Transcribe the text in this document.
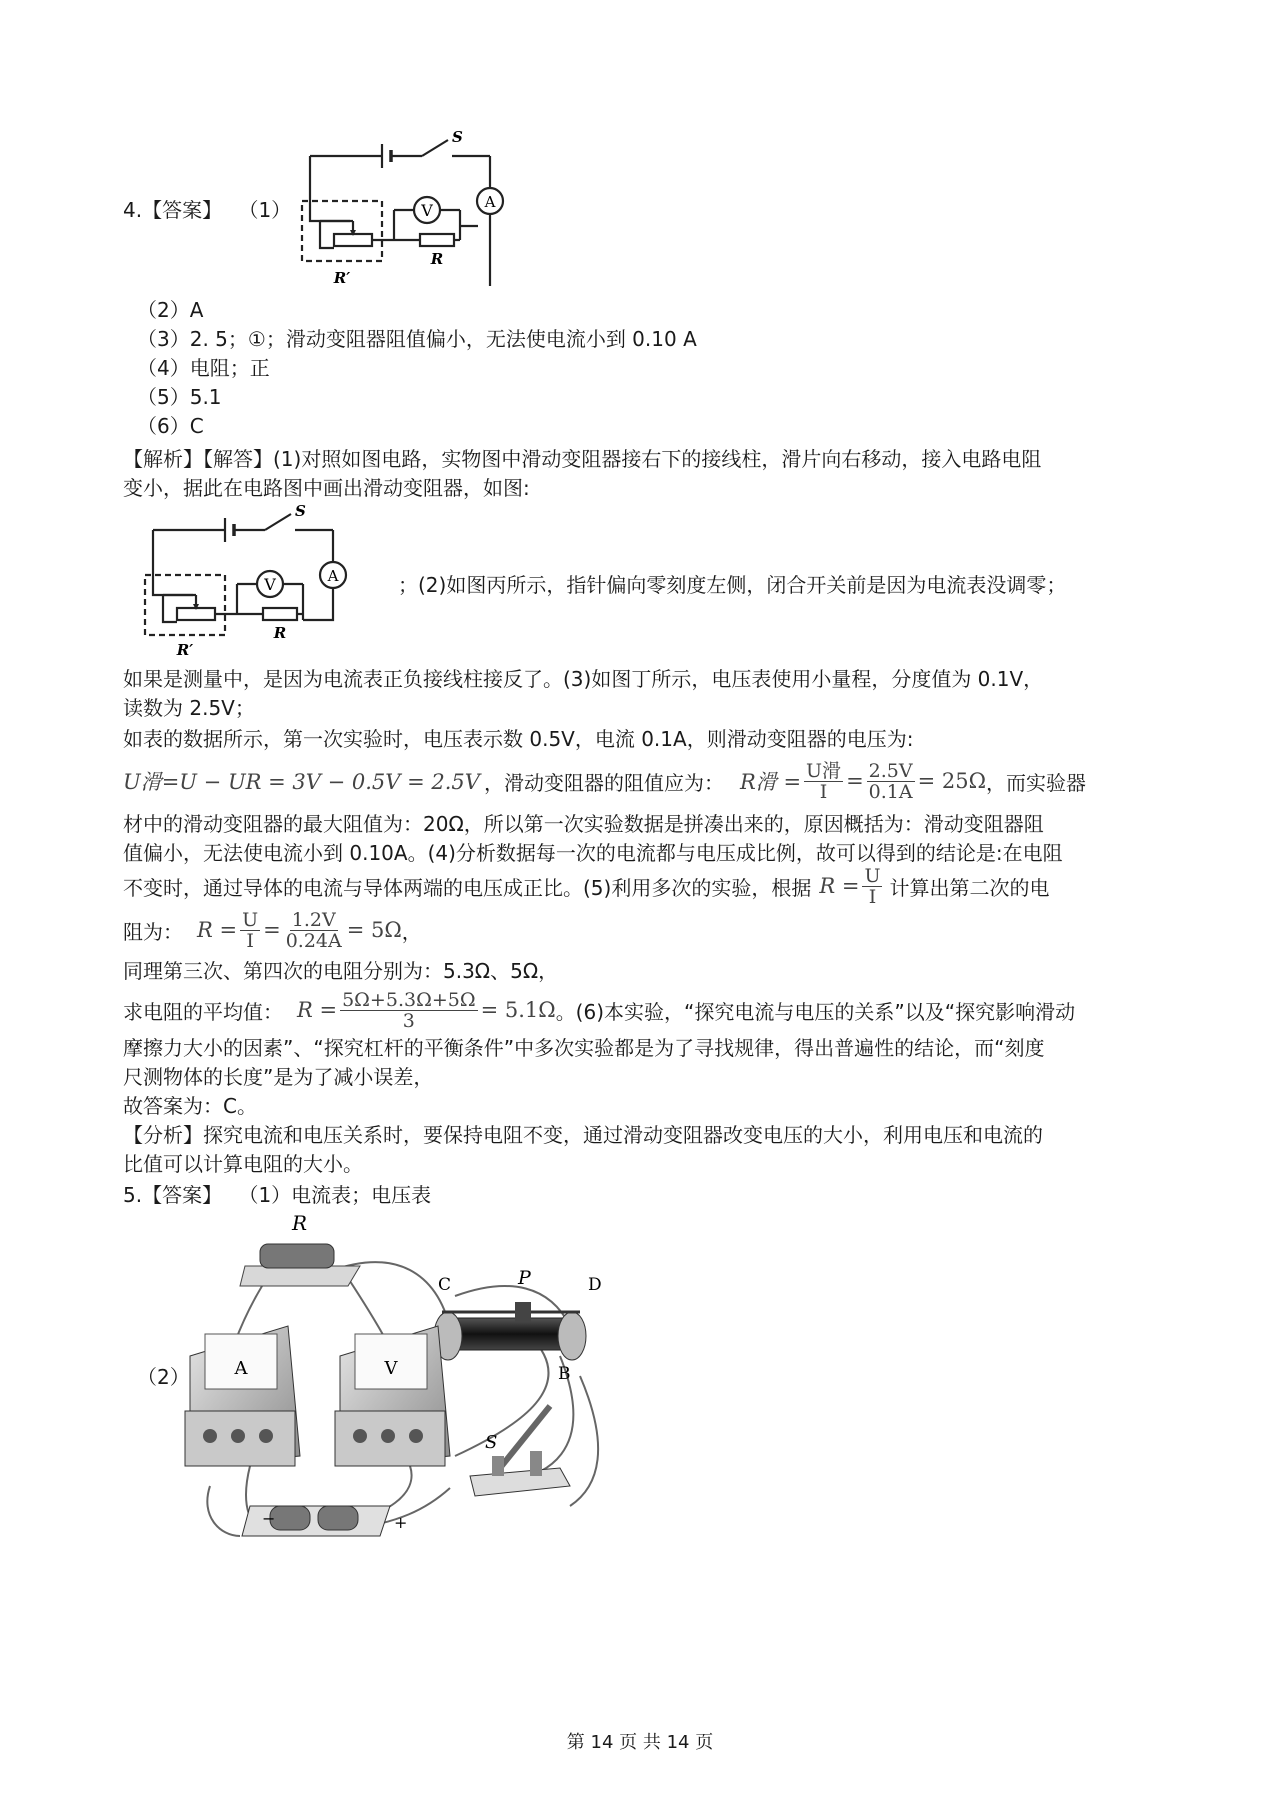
4.【答案】 （1）
S
V	A
R
R′
（2）A
（3）2. 5；①；滑动变阻器阻值偏小，无法使电流小到 0.10 A
（4）电阻；正
（5）5.1
（6）C
【解析】【解答】(1)对照如图电路，实物图中滑动变阻器接右下的接线柱，滑片向右移动，接入电路电阻
变小，据此在电路图中画出滑动变阻器，如图:
S
V	A
R
R′
；(2)如图丙所示，指针偏向零刻度左侧，闭合开关前是因为电流表没调零；
如果是测量中，是因为电流表正负接线柱接反了。(3)如图丁所示，电压表使用小量程，分度值为 0.1V，
读数为 2.5V；
如表的数据所示，第一次实验时，电压表示数 0.5V，电流 0.1A，则滑动变阻器的电压为:
U滑=U − UR = 3V − 0.5V = 2.5V ，滑动变阻器的阻值应为： R滑 = $\frac{\text{U滑}}{I} = \frac{2.5V}{0.1A} = 25\Omega$ ，而实验器
材中的滑动变阻器的最大阻值为：20Ω，所以第一次实验数据是拼凑出来的，原因概括为：滑动变阻器阻
值偏小，无法使电流小到 0.10A。(4)分析数据每一次的电流都与电压成比例，故可以得到的结论是:在电阻
不变时，通过导体的电流与导体两端的电压成正比。(5)利用多次的实验，根据 $R = \frac{U}{I}$ 计算出第二次的电
阻为： $R = \frac{U}{I} = \frac{1.2V}{0.24A} = 5\Omega$ ，
同理第三次、第四次的电阻分别为：5.3Ω、5Ω，
求电阻的平均值： $R = \frac{5\Omega+5.3\Omega+5\Omega}{3} = 5.1\Omega$ 。(6)本实验，“探究电流与电压的关系”以及“探究影响滑动
摩擦力大小的因素”、“探究杠杆的平衡条件”中多次实验都是为了寻找规律，得出普遍性的结论，而“刻度
尺测物体的长度”是为了减小误差，
故答案为：C。
【分析】探究电流和电压关系时，要保持电阻不变，通过滑动变阻器改变电压的大小，利用电压和电流的
比值可以计算电阻的大小。
5.【答案】 （1）电流表；电压表
（2）
R
C	P	D
B
A	V
S
−	+
第 14 页 共 14 页
